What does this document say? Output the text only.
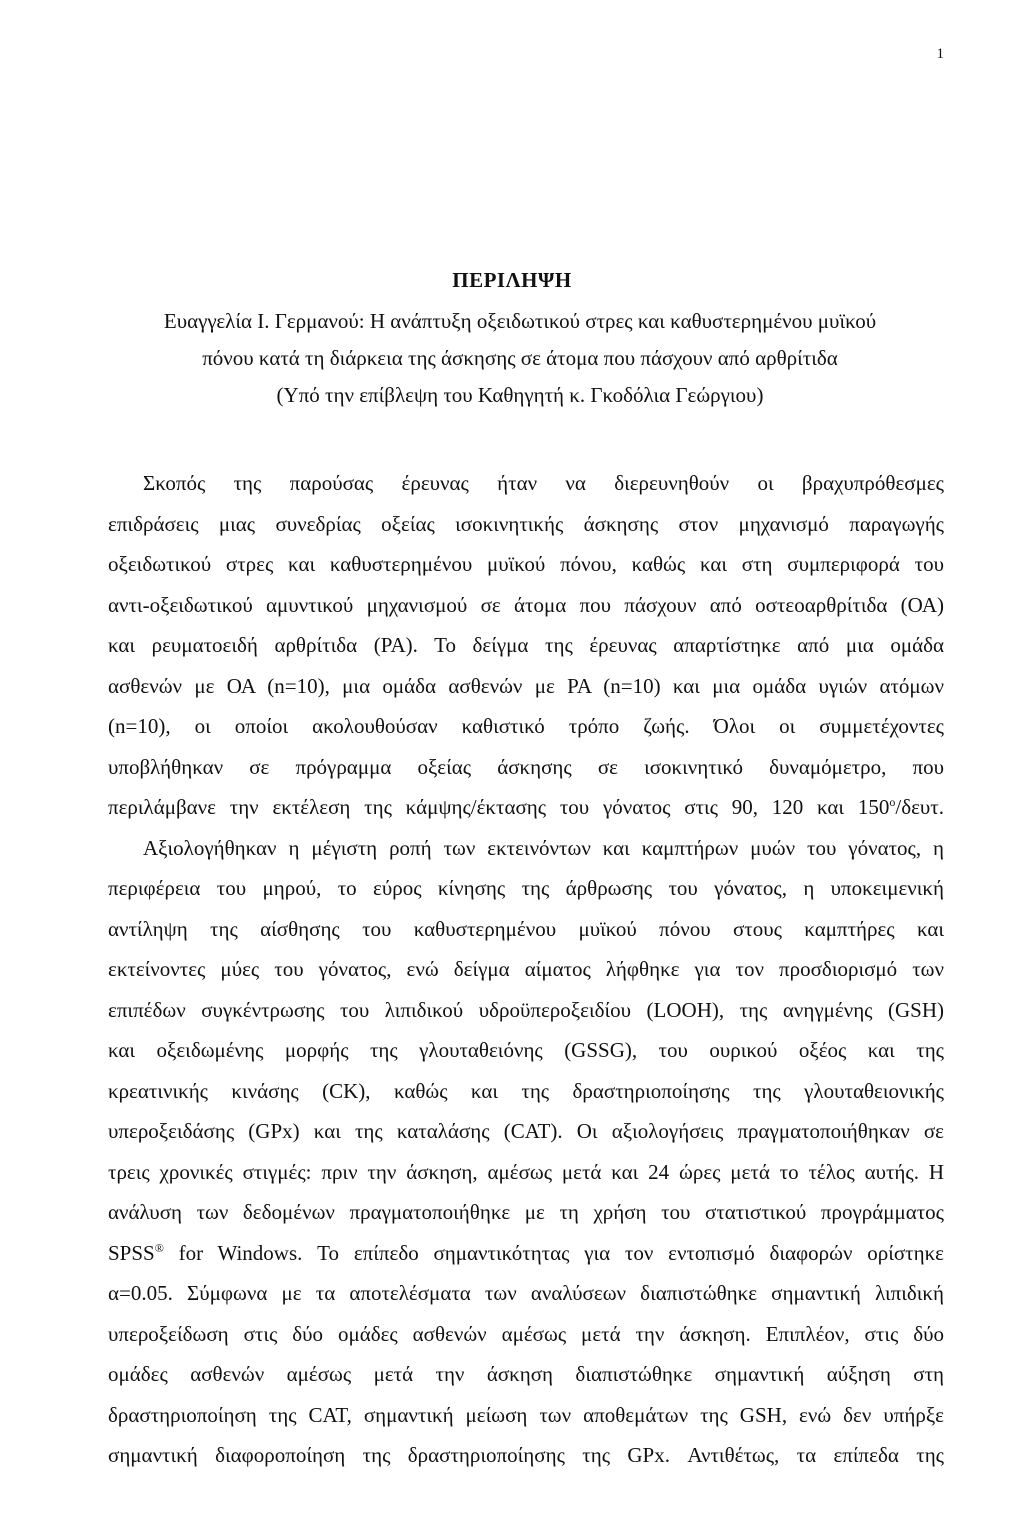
1
ΠΕΡΙΛΗΨΗ
Ευαγγελία Ι. Γερμανού: Η ανάπτυξη οξειδωτικού στρες και καθυστερημένου μυϊκού
πόνου κατά τη διάρκεια της άσκησης σε άτομα που πάσχουν από αρθρίτιδα
(Υπό την επίβλεψη του Καθηγητή κ. Γκοδόλια Γεώργιου)
Σκοπός της παρούσας έρευνας ήταν να διερευνηθούν οι βραχυπρόθεσμες
επιδράσεις μιας συνεδρίας οξείας ισοκινητικής άσκησης στον μηχανισμό παραγωγής
οξειδωτικού στρες και καθυστερημένου μυϊκού πόνου, καθώς και στη συμπεριφορά του
αντι-οξειδωτικού αμυντικού μηχανισμού σε άτομα που πάσχουν από οστεοαρθρίτιδα (ΟΑ)
και ρευματοειδή αρθρίτιδα (ΡΑ). Το δείγμα της έρευνας απαρτίστηκε από μια ομάδα
ασθενών με ΟΑ (n=10), μια ομάδα ασθενών με ΡΑ (n=10) και μια ομάδα υγιών ατόμων
(n=10), οι οποίοι ακολουθούσαν καθιστικό τρόπο ζωής. Όλοι οι συμμετέχοντες
υποβλήθηκαν σε πρόγραμμα οξείας άσκησης σε ισοκινητικό δυναμόμετρο, που
περιλάμβανε την εκτέλεση της κάμψης/έκτασης του γόνατος στις 90, 120 και 150$^o$/δευτ.
Αξιολογήθηκαν η μέγιστη ροπή των εκτεινόντων και καμπτήρων μυών του γόνατος, η
περιφέρεια του μηρού, το εύρος κίνησης της άρθρωσης του γόνατος, η υποκειμενική
αντίληψη της αίσθησης του καθυστερημένου μυϊκού πόνου στους καμπτήρες και
εκτείνοντες μύες του γόνατος, ενώ δείγμα αίματος λήφθηκε για τον προσδιορισμό των
επιπέδων συγκέντρωσης του λιπιδικού υδροϋπεροξειδίου (LOOH), της ανηγμένης (GSH)
και οξειδωμένης μορφής της γλουταθειόνης (GSSG), του ουρικού οξέος και της
κρεατινικής κινάσης (CK), καθώς και της δραστηριοποίησης της γλουταθειονικής
υπεροξειδάσης (GPx) και της καταλάσης (CAT). Οι αξιολογήσεις πραγματοποιήθηκαν σε
τρεις χρονικές στιγμές: πριν την άσκηση, αμέσως μετά και 24 ώρες μετά το τέλος αυτής. Η
ανάλυση των δεδομένων πραγματοποιήθηκε με τη χρήση του στατιστικού προγράμματος
SPSS® for Windows. Το επίπεδο σημαντικότητας για τον εντοπισμό διαφορών ορίστηκε
α=0.05. Σύμφωνα με τα αποτελέσματα των αναλύσεων διαπιστώθηκε σημαντική λιπιδική
υπεροξείδωση στις δύο ομάδες ασθενών αμέσως μετά την άσκηση. Επιπλέον, στις δύο
ομάδες ασθενών αμέσως μετά την άσκηση διαπιστώθηκε σημαντική αύξηση στη
δραστηριοποίηση της CAT, σημαντική μείωση των αποθεμάτων της GSH, ενώ δεν υπήρξε
σημαντική διαφοροποίηση της δραστηριοποίησης της GPx. Αντιθέτως, τα επίπεδα της
